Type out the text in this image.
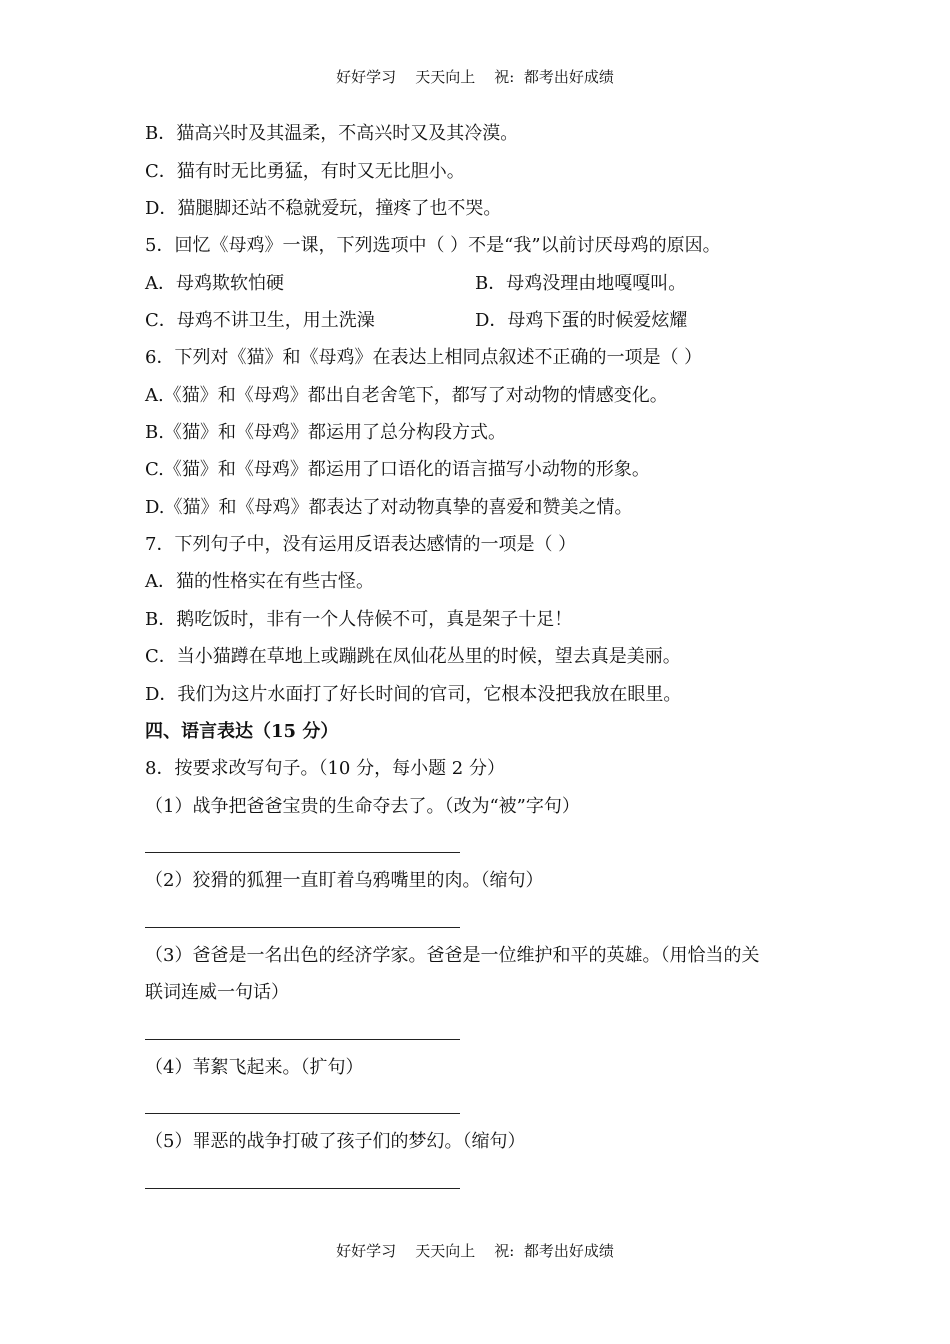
好好学习    天天向上    祝:  都考出好成绩
B．猫高兴时及其温柔，不高兴时又及其冷漠。
C．猫有时无比勇猛，有时又无比胆小。
D．猫腿脚还站不稳就爱玩，撞疼了也不哭。
5．回忆《母鸡》一课，下列选项中（ ）不是“我”以前讨厌母鸡的原因。
A．母鸡欺软怕硬	B．母鸡没理由地嘎嘎叫。
C．母鸡不讲卫生，用土洗澡	D．母鸡下蛋的时候爱炫耀
6．下列对《猫》和《母鸡》在表达上相同点叙述不正确的一项是（ ）
A.《猫》和《母鸡》都出自老舍笔下，都写了对动物的情感变化。
B.《猫》和《母鸡》都运用了总分构段方式。
C.《猫》和《母鸡》都运用了口语化的语言描写小动物的形象。
D.《猫》和《母鸡》都表达了对动物真挚的喜爱和赞美之情。
7．下列句子中，没有运用反语表达感情的一项是（ ）
A．猫的性格实在有些古怪。
B．鹅吃饭时，非有一个人侍候不可，真是架子十足！
C．当小猫蹲在草地上或蹦跳在凤仙花丛里的时候，望去真是美丽。
D．我们为这片水面打了好长时间的官司，它根本没把我放在眼里。
四、语言表达（15 分）
8．按要求改写句子。（10 分，每小题 2 分）
（1）战争把爸爸宝贵的生命夺去了。（改为“被”字句）
（2）狡猾的狐狸一直盯着乌鸦嘴里的肉。（缩句）
（3）爸爸是一名出色的经济学家。爸爸是一位维护和平的英雄。（用恰当的关
联词连威一句话）
（4）苇絮飞起来。（扩句）
（5）罪恶的战争打破了孩子们的梦幻。（缩句）
好好学习    天天向上    祝:  都考出好成绩
